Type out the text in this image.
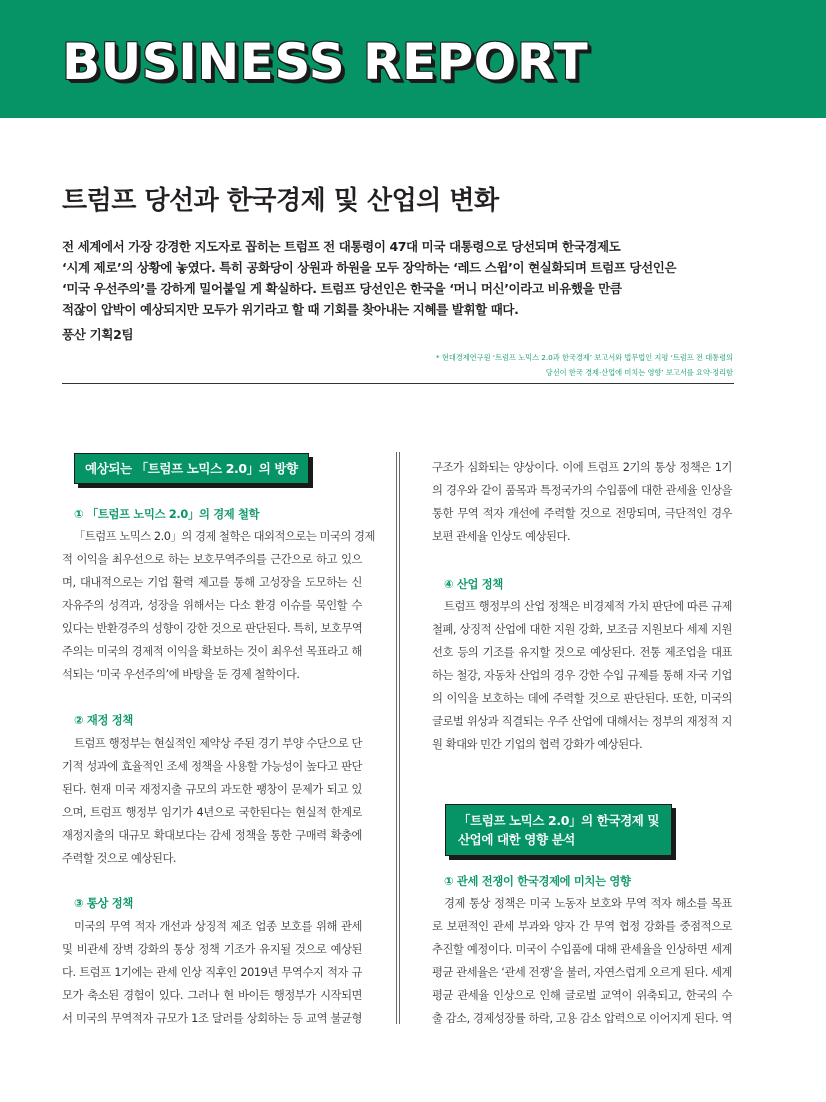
BUSINESS REPORT
트럼프 당선과 한국경제 및 산업의 변화

전 세계에서 가장 강경한 지도자로 꼽히는 트럼프 전 대통령이 47대 미국 대통령으로 당선되며 한국경제도

‘시계 제로’의 상황에 놓였다. 특히 공화당이 상원과 하원을 모두 장악하는 ‘레드 스윕’이 현실화되며 트럼프 당선인은

‘미국 우선주의’를 강하게 밀어붙일 게 확실하다. 트럼프 당선인은 한국을 ‘머니 머신’이라고 비유했을 만큼

적잖이 압박이 예상되지만 모두가 위기라고 할 때 기회를 찾아내는 지혜를 발휘할 때다.

풍산 기획2팀

* 현대경제연구원 ‘트럼프 노믹스 2.0과 한국경제’ 보고서와 법무법인 지평 ‘트럼프 전 대통령의

당선이 한국 경제·산업에 미치는 영향’ 보고서를 요약·정리함

예상되는 「트럼프 노믹스 2.0」의 방향
① 「트럼프 노믹스 2.0」의 경제 철학

「트럼프 노믹스 2.0」의 경제 철학은 대외적으로는 미국의 경제

적 이익을 최우선으로 하는 보호무역주의를 근간으로 하고 있으

며, 대내적으로는 기업 활력 제고를 통해 고성장을 도모하는 신

자유주의 성격과, 성장을 위해서는 다소 환경 이슈를 묵인할 수

있다는 반환경주의 성향이 강한 것으로 판단된다. 특히, 보호무역

주의는 미국의 경제적 이익을 확보하는 것이 최우선 목표라고 해

석되는 ‘미국 우선주의’에 바탕을 둔 경제 철학이다.

② 재정 정책

트럼프 행정부는 현실적인 제약상 주된 경기 부양 수단으로 단

기적 성과에 효율적인 조세 정책을 사용할 가능성이 높다고 판단

된다. 현재 미국 재정지출 규모의 과도한 팽창이 문제가 되고 있

으며, 트럼프 행정부 임기가 4년으로 국한된다는 현실적 한계로

재정지출의 대규모 확대보다는 감세 정책을 통한 구매력 확충에

주력할 것으로 예상된다.

③ 통상 정책

미국의 무역 적자 개선과 상징적 제조 업종 보호를 위해 관세

및 비관세 장벽 강화의 통상 정책 기조가 유지될 것으로 예상된

다. 트럼프 1기에는 관세 인상 직후인 2019년 무역수지 적자 규

모가 축소된 경험이 있다. 그러나 현 바이든 행정부가 시작되면

서 미국의 무역적자 규모가 1조 달러를 상회하는 등 교역 불균형

구조가 심화되는 양상이다. 이에 트럼프 2기의 통상 정책은 1기

의 경우와 같이 품목과 특정국가의 수입품에 대한 관세율 인상을

통한 무역 적자 개선에 주력할 것으로 전망되며, 극단적인 경우

보편 관세율 인상도 예상된다.

④ 산업 정책

트럼프 행정부의 산업 정책은 비경제적 가치 판단에 따른 규제

철폐, 상징적 산업에 대한 지원 강화, 보조금 지원보다 세제 지원

선호 등의 기조를 유지할 것으로 예상된다. 전통 제조업을 대표

하는 철강, 자동차 산업의 경우 강한 수입 규제를 통해 자국 기업

의 이익을 보호하는 데에 주력할 것으로 판단된다. 또한, 미국의

글로벌 위상과 직결되는 우주 산업에 대해서는 정부의 재정적 지

원 확대와 민간 기업의 협력 강화가 예상된다.

「트럼프 노믹스 2.0」의 한국경제 및
산업에 대한 영향 분석
① 관세 전쟁이 한국경제에 미치는 영향

경제 통상 정책은 미국 노동자 보호와 무역 적자 해소를 목표

로 보편적인 관세 부과와 양자 간 무역 협정 강화를 중점적으로

추진할 예정이다. 미국이 수입품에 대해 관세율을 인상하면 세계

평균 관세율은 ‘관세 전쟁’을 불러, 자연스럽게 오르게 된다. 세계

평균 관세율 인상으로 인해 글로벌 교역이 위축되고, 한국의 수

출 감소, 경제성장률 하락, 고용 감소 압력으로 이어지게 된다. 역
